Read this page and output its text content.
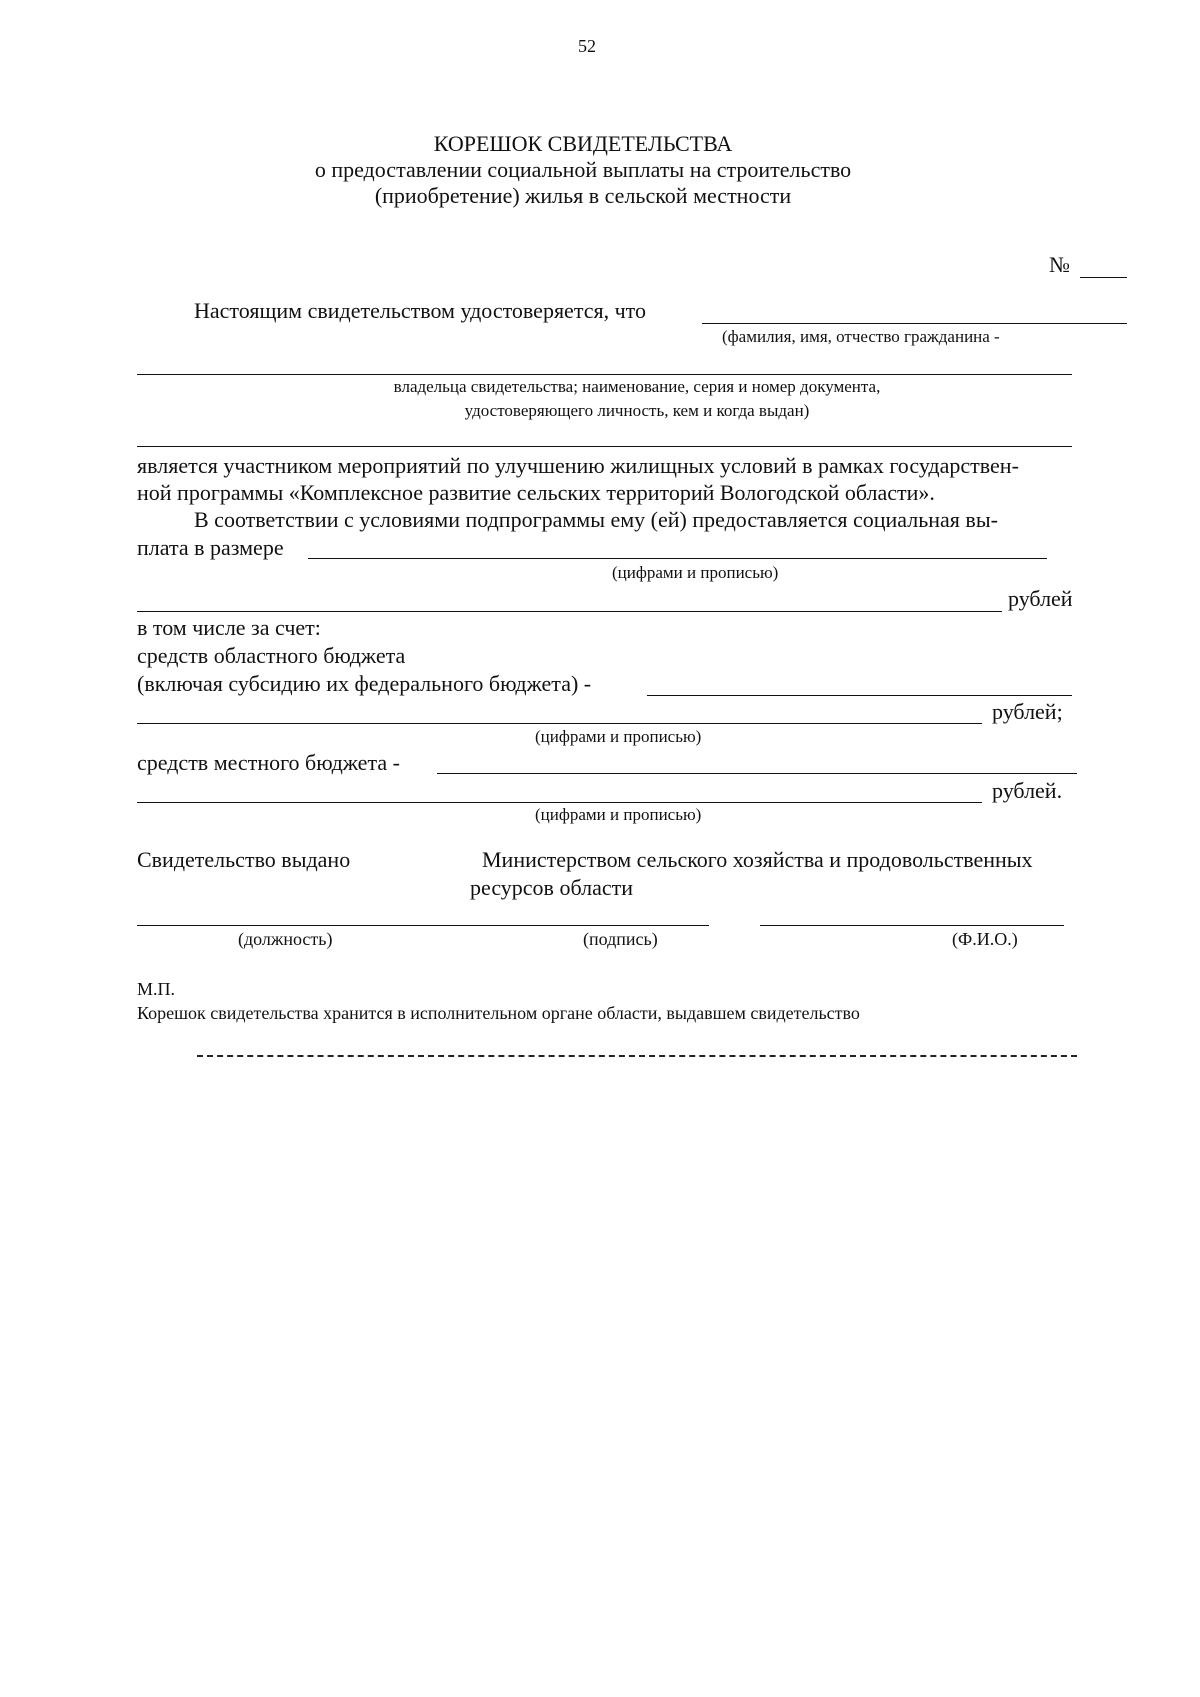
52
КОРЕШОК СВИДЕТЕЛЬСТВА
о предоставлении социальной выплаты на строительство
(приобретение) жилья в сельской местности
№
Настоящим свидетельством удостоверяется, что
(фамилия, имя, отчество гражданина -
владельца свидетельства; наименование, серия и номер документа,
удостоверяющего личность, кем и когда выдан)
является участником мероприятий по улучшению жилищных условий в рамках государствен-
ной программы «Комплексное развитие сельских территорий Вологодской области».
В соответствии с условиями подпрограммы ему (ей) предоставляется социальная вы-
плата в размере
(цифрами и прописью)
рублей
в том числе за счет:
средств областного бюджета
(включая субсидию их федерального бюджета) -
рублей;
(цифрами и прописью)
средств местного бюджета -
рублей.
(цифрами и прописью)
Свидетельство выдано	Министерством сельского хозяйства и продовольственных
ресурсов области
(должность)	(подпись)	(Ф.И.О.)
М.П.
Корешок свидетельства хранится в исполнительном органе области, выдавшем свидетельство
